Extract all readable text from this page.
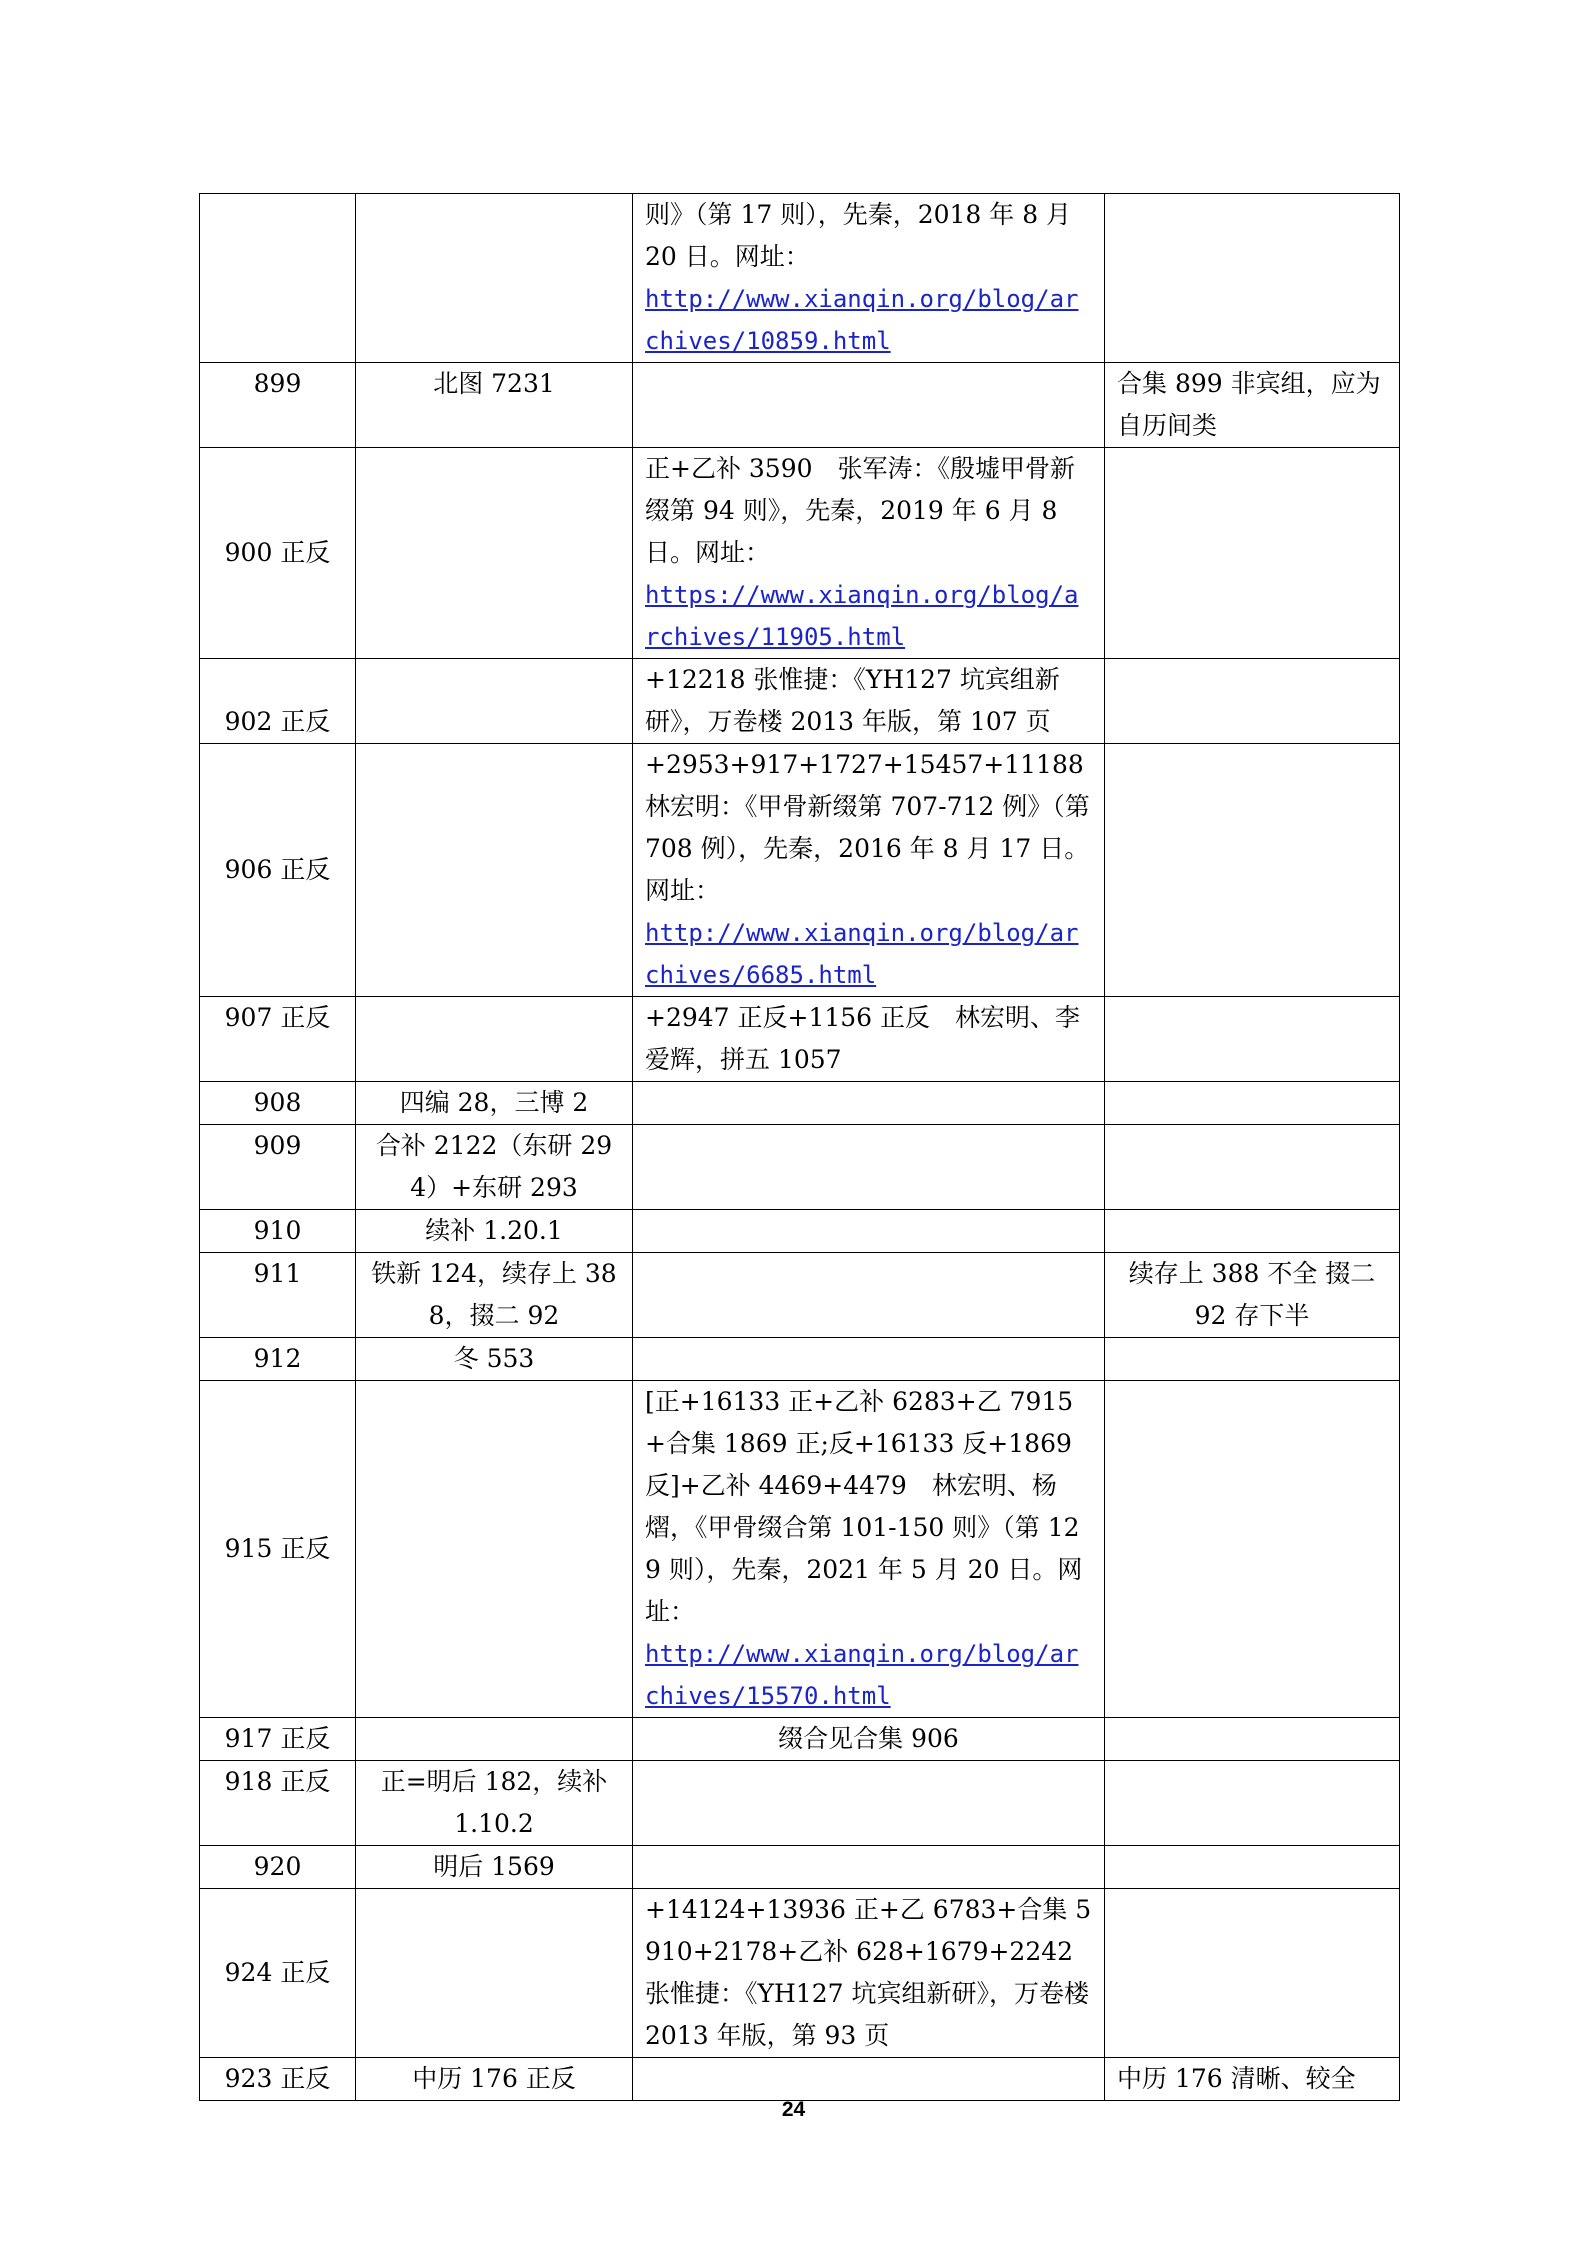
		则》（第 17 则），先秦，2018 年 8 月 20 日。网址：
http://www.xianqin.org/blog/archives/10859.html	
899	北图 7231		合集 899 非宾组，应为自历间类
900 正反		正+乙补 3590　张军涛：《殷墟甲骨新缀第 94 则》，先秦，2019 年 6 月 8 日。网址：
https://www.xianqin.org/blog/archives/11905.html	
902 正反		+12218 张惟捷：《YH127 坑宾组新研》，万卷楼 2013 年版，第 107 页	
906 正反		+2953+917+1727+15457+11188　林宏明：《甲骨新缀第 707-712 例》（第 708 例），先秦，2016 年 8 月 17 日。网址：
http://www.xianqin.org/blog/archives/6685.html	
907 正反		+2947 正反+1156 正反　林宏明、李爱辉，拼五 1057	
908	四编 28，三博 2		
909	合补 2122（东研 294）+东研 293		
910	续补 1.20.1		
911	铁新 124，续存上 388，掇二 92		续存上 388 不全 掇二 92 存下半
912	冬 553		
915 正反		[正+16133 正+乙补 6283+乙 7915 +合集 1869 正;反+16133 反+1869 反]+乙补 4469+4479　林宏明、杨熠，《甲骨缀合第 101-150 则》（第 129 则），先秦，2021 年 5 月 20 日。网址：
http://www.xianqin.org/blog/archives/15570.html	
917 正反		缀合见合集 906	
918 正反	正=明后 182，续补 1.10.2		
920	明后 1569		
924 正反		+14124+13936 正+乙 6783+合集 5910+2178+乙补 628+1679+2242　张惟捷：《YH127 坑宾组新研》，万卷楼 2013 年版，第 93 页	
923 正反	中历 176 正反		中历 176 清晰、较全
24
